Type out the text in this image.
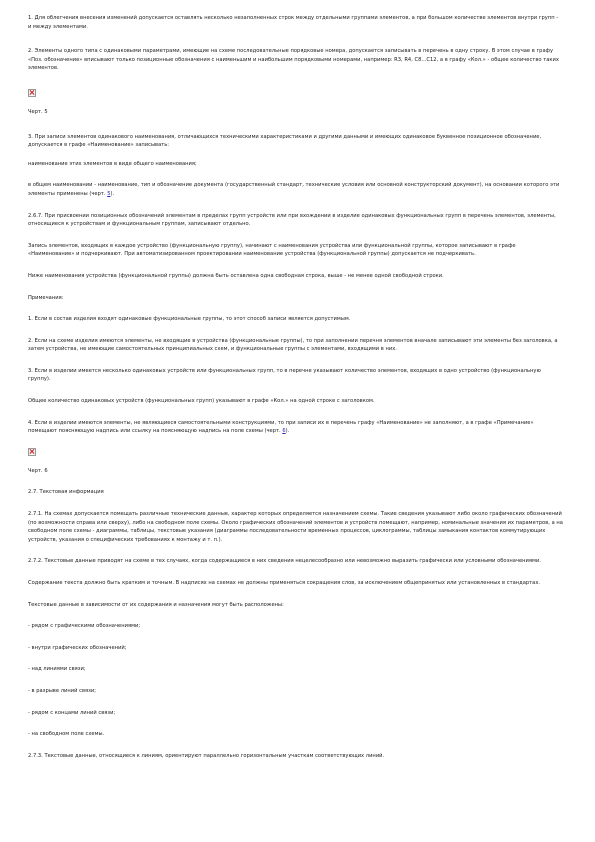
1. Для облегчения внесения изменений допускается оставлять несколько незаполненных строк между отдельными группами элементов, а при большом количестве элементов внутри групп - и между элементами.

2. Элементы одного типа с одинаковыми параметрами, имеющие на схеме последовательные порядковые номера, допускается записывать в перечень в одну строку. В этом случае в графу «Поз. обозначение» вписывают только позиционные обозначения с наименьшим и наибольшим порядковыми номерами, например: R3, R4, C8...C12, а в графу «Кол.» - общее количество таких элементов.

Черт. 5

3. При записи элементов одинакового наименования, отличающихся техническими характеристиками и другими данными и имеющих одинаковое буквенное позиционное обозначение, допускается в графе «Наименование» записывать:

наименование этих элементов в виде общего наименования;

в общем наименовании - наименование, тип и обозначение документа (государственный стандарт, технические условия или основной конструкторский документ), на основании которого эти элементы применены (черт. 5).

2.6.7. При присвоении позиционных обозначений элементам в пределах групп устройств или при вхождении в изделие одинаковых функциональных групп в перечень элементов, элементы, относящиеся к устройствам и функциональным группам, записывают отдельно.

Запись элементов, входящих в каждое устройство (функциональную группу), начинают с наименования устройства или функциональной группы, которое записывают в графе «Наименование» и подчеркивают. При автоматизированном проектировании наименование устройства (функциональной группы) допускается не подчеркивать.

Ниже наименования устройства (функциональной группы) должна быть оставлена одна свободная строка, выше - не менее одной свободной строки.

Примечания:

1. Если в состав изделия входят одинаковые функциональные группы, то этот способ записи является допустимым.

2. Если на схеме изделия имеются элементы, не входящие в устройства (функциональные группы), то при заполнении перечня элементов вначале записывают эти элементы без заголовка, а затем устройства, не имеющие самостоятельных принципиальных схем, и функциональные группы с элементами, входящими в них.

3. Если в изделии имеется несколько одинаковых устройств или функциональных групп, то в перечне указывают количество элементов, входящих в одно устройство (функциональную группу).

Общее количество одинаковых устройств (функциональных групп) указывают в графе «Кол.» на одной строке с заголовком.

4. Если в изделии имеются элементы, не являющиеся самостоятельными конструкциями, то при записи их в перечень графу «Наименование» не заполняют, а в графе «Примечание» помещают поясняющую надпись или ссылку на поясняющую надпись на поле схемы (черт. 6).

Черт. 6

2.7. Текстовая информация

2.7.1. На схемах допускается помещать различные технические данные, характер которых определяется назначением схемы. Такие сведения указывают либо около графических обозначений (по возможности справа или сверху), либо на свободном поле схемы. Около графических обозначений элементов и устройств помещают, например, номинальные значения их параметров, а на свободном поле схемы - диаграммы, таблицы, текстовые указания (диаграммы последовательности временных процессов, циклограммы, таблицы замыкания контактов коммутирующих устройств, указания о специфических требованиях к монтажу и т. п.).

2.7.2. Текстовые данные приводят на схеме в тех случаях, когда содержащиеся в них сведения нецелесообразно или невозможно выразить графически или условными обозначениями.

Содержание текста должно быть кратким и точным. В надписях на схемах не должны применяться сокращения слов, за исключением общепринятых или установленных в стандартах.

Текстовые данные в зависимости от их содержания и назначения могут быть расположены:

- рядом с графическими обозначениями;

- внутри графических обозначений;

- над линиями связи;

- в разрыве линий связи;

- рядом с концами линий связи;

- на свободном поле схемы.

2.7.3. Текстовые данные, относящиеся к линиям, ориентируют параллельно горизонтальным участкам соответствующих линий.
